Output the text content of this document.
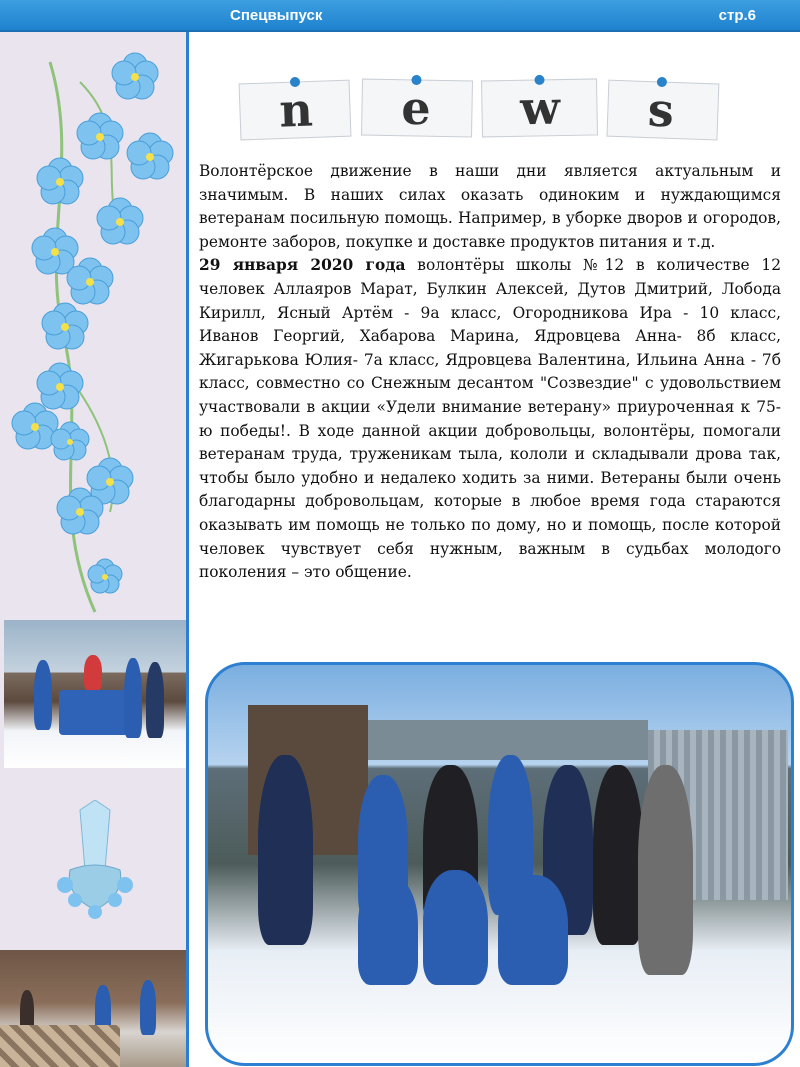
Спецвыпуск	стр.6
n e w s

Волонтёрское движение в наши дни является актуальным и значимым. В наших силах оказать одиноким и нуждающимся ветеранам посильную помощь. Например, в уборке дворов и огородов, ремонте заборов, покупке и доставке продуктов питания и т.д.
29 января 2020 года волонтёры школы №12 в количестве 12 человек Аллаяров Марат, Булкин Алексей, Дутов Дмитрий, Лобода Кирилл, Ясный Артём - 9а класс, Огородникова Ира - 10 класс, Иванов Георгий, Хабарова Марина, Ядровцева Анна- 8б класс, Жигарькова Юлия- 7а класс, Ядровцева Валентина, Ильина Анна - 7б класс, совместно со Снежным десантом "Созвездие" с удовольствием участвовали в акции «Удели внимание ветерану» приуроченная к 75-ю победы!. В ходе данной акции добровольцы, волонтёры, помогали ветеранам труда, труженикам тыла, кололи и складывали дрова так, чтобы было удобно и недалеко ходить за ними. Ветераны были очень благодарны добровольцам, которые в любое время года стараются оказывать им помощь не только по дому, но и помощь, после которой человек чувствует себя нужным, важным в судьбах молодого поколения – это общение.
